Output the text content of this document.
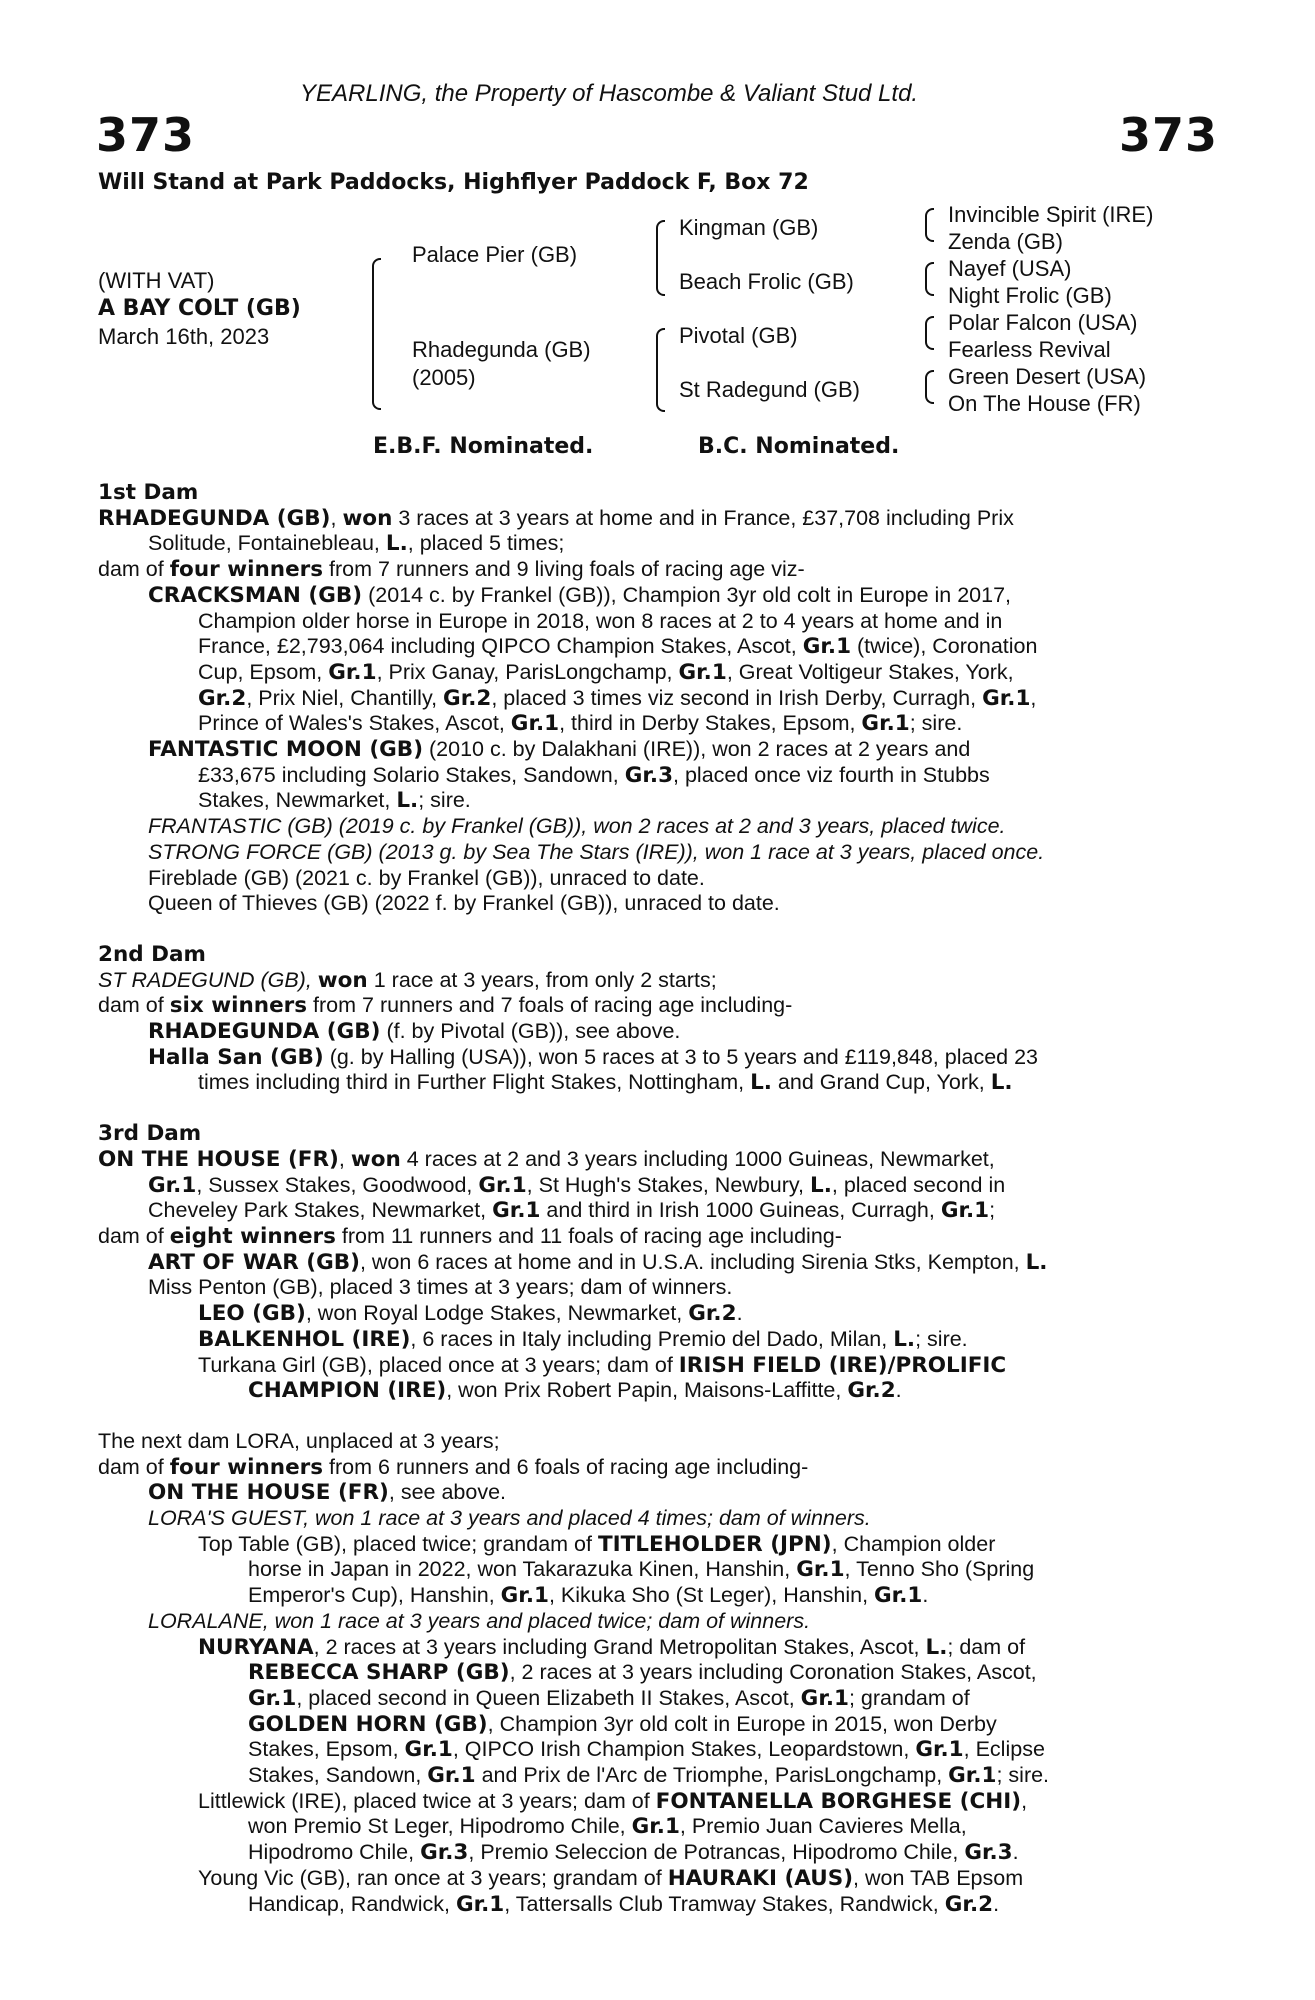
YEARLING, the Property of Hascombe & Valiant Stud Ltd.
373	373
Will Stand at Park Paddocks, Highflyer Paddock F, Box 72
(WITH VAT)
A BAY COLT (GB)
March 16th, 2023
Palace Pier (GB)
Rhadegunda (GB)
(2005)
Kingman (GB)
Beach Frolic (GB)
Pivotal (GB)
St Radegund (GB)
Invincible Spirit (IRE)
Zenda (GB)
Nayef (USA)
Night Frolic (GB)
Polar Falcon (USA)
Fearless Revival
Green Desert (USA)
On The House (FR)
E.B.F. Nominated.	B.C. Nominated.
1st Dam
RHADEGUNDA (GB), won 3 races at 3 years at home and in France, £37,708 including Prix
Solitude, Fontainebleau, L., placed 5 times;
dam of four winners from 7 runners and 9 living foals of racing age viz-
CRACKSMAN (GB) (2014 c. by Frankel (GB)), Champion 3yr old colt in Europe in 2017,
Champion older horse in Europe in 2018, won 8 races at 2 to 4 years at home and in
France, £2,793,064 including QIPCO Champion Stakes, Ascot, Gr.1 (twice), Coronation
Cup, Epsom, Gr.1, Prix Ganay, ParisLongchamp, Gr.1, Great Voltigeur Stakes, York,
Gr.2, Prix Niel, Chantilly, Gr.2, placed 3 times viz second in Irish Derby, Curragh, Gr.1,
Prince of Wales's Stakes, Ascot, Gr.1, third in Derby Stakes, Epsom, Gr.1; sire.
FANTASTIC MOON (GB) (2010 c. by Dalakhani (IRE)), won 2 races at 2 years and
£33,675 including Solario Stakes, Sandown, Gr.3, placed once viz fourth in Stubbs
Stakes, Newmarket, L.; sire.
FRANTASTIC (GB) (2019 c. by Frankel (GB)), won 2 races at 2 and 3 years, placed twice.
STRONG FORCE (GB) (2013 g. by Sea The Stars (IRE)), won 1 race at 3 years, placed once.
Fireblade (GB) (2021 c. by Frankel (GB)), unraced to date.
Queen of Thieves (GB) (2022 f. by Frankel (GB)), unraced to date.
2nd Dam
ST RADEGUND (GB), won 1 race at 3 years, from only 2 starts;
dam of six winners from 7 runners and 7 foals of racing age including-
RHADEGUNDA (GB) (f. by Pivotal (GB)), see above.
Halla San (GB) (g. by Halling (USA)), won 5 races at 3 to 5 years and £119,848, placed 23
times including third in Further Flight Stakes, Nottingham, L. and Grand Cup, York, L.
3rd Dam
ON THE HOUSE (FR), won 4 races at 2 and 3 years including 1000 Guineas, Newmarket,
Gr.1, Sussex Stakes, Goodwood, Gr.1, St Hugh's Stakes, Newbury, L., placed second in
Cheveley Park Stakes, Newmarket, Gr.1 and third in Irish 1000 Guineas, Curragh, Gr.1;
dam of eight winners from 11 runners and 11 foals of racing age including-
ART OF WAR (GB), won 6 races at home and in U.S.A. including Sirenia Stks, Kempton, L.
Miss Penton (GB), placed 3 times at 3 years; dam of winners.
LEO (GB), won Royal Lodge Stakes, Newmarket, Gr.2.
BALKENHOL (IRE), 6 races in Italy including Premio del Dado, Milan, L.; sire.
Turkana Girl (GB), placed once at 3 years; dam of IRISH FIELD (IRE)/PROLIFIC
CHAMPION (IRE), won Prix Robert Papin, Maisons-Laffitte, Gr.2.
The next dam LORA, unplaced at 3 years;
dam of four winners from 6 runners and 6 foals of racing age including-
ON THE HOUSE (FR), see above.
LORA'S GUEST, won 1 race at 3 years and placed 4 times; dam of winners.
Top Table (GB), placed twice; grandam of TITLEHOLDER (JPN), Champion older
horse in Japan in 2022, won Takarazuka Kinen, Hanshin, Gr.1, Tenno Sho (Spring
Emperor's Cup), Hanshin, Gr.1, Kikuka Sho (St Leger), Hanshin, Gr.1.
LORALANE, won 1 race at 3 years and placed twice; dam of winners.
NURYANA, 2 races at 3 years including Grand Metropolitan Stakes, Ascot, L.; dam of
REBECCA SHARP (GB), 2 races at 3 years including Coronation Stakes, Ascot,
Gr.1, placed second in Queen Elizabeth II Stakes, Ascot, Gr.1; grandam of
GOLDEN HORN (GB), Champion 3yr old colt in Europe in 2015, won Derby
Stakes, Epsom, Gr.1, QIPCO Irish Champion Stakes, Leopardstown, Gr.1, Eclipse
Stakes, Sandown, Gr.1 and Prix de l'Arc de Triomphe, ParisLongchamp, Gr.1; sire.
Littlewick (IRE), placed twice at 3 years; dam of FONTANELLA BORGHESE (CHI),
won Premio St Leger, Hipodromo Chile, Gr.1, Premio Juan Cavieres Mella,
Hipodromo Chile, Gr.3, Premio Seleccion de Potrancas, Hipodromo Chile, Gr.3.
Young Vic (GB), ran once at 3 years; grandam of HAURAKI (AUS), won TAB Epsom
Handicap, Randwick, Gr.1, Tattersalls Club Tramway Stakes, Randwick, Gr.2.
